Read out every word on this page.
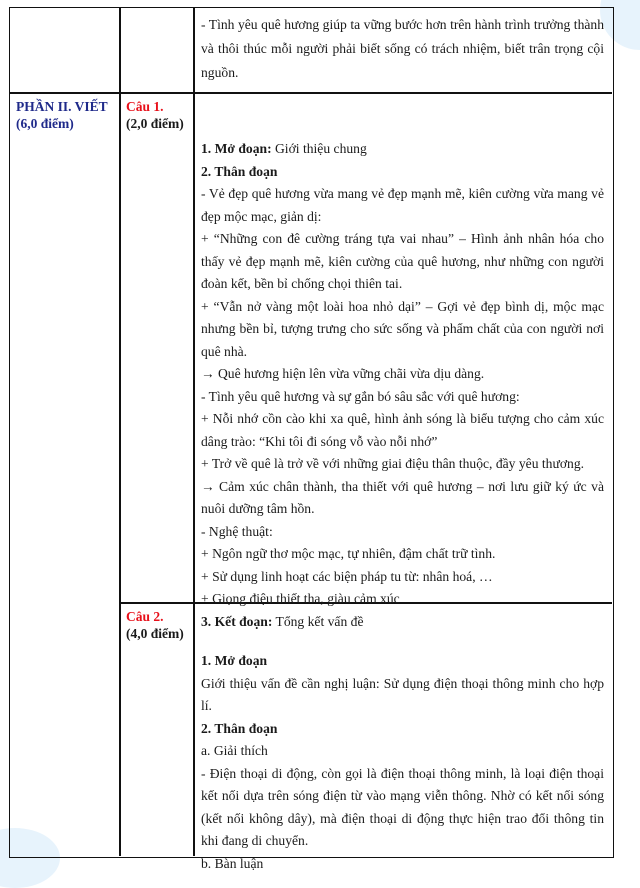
- Tình yêu quê hương giúp ta vững bước hơn trên hành trình trưởng thành và thôi thúc mỗi người phải biết sống có trách nhiệm, biết trân trọng cội nguồn.

PHẦN II. VIẾT

(6,0 điểm)

Câu 1.

(2,0 điểm)

1. Mở đoạn: Giới thiệu chung

2. Thân đoạn

- Vẻ đẹp quê hương vừa mang vẻ đẹp mạnh mẽ, kiên cường vừa mang vẻ đẹp mộc mạc, giản dị:

+ “Những con đê cường tráng tựa vai nhau” – Hình ảnh nhân hóa cho thấy vẻ đẹp mạnh mẽ, kiên cường của quê hương, như những con người đoàn kết, bền bỉ chống chọi thiên tai.

+ “Vẫn nở vàng một loài hoa nhỏ dại” – Gợi vẻ đẹp bình dị, mộc mạc nhưng bền bỉ, tượng trưng cho sức sống và phẩm chất của con người nơi quê nhà.

→ Quê hương hiện lên vừa vững chãi vừa dịu dàng.

- Tình yêu quê hương và sự gắn bó sâu sắc với quê hương:

+ Nỗi nhớ cồn cào khi xa quê, hình ảnh sóng là biểu tượng cho cảm xúc dâng trào: “Khi tôi đi sóng vỗ vào nỗi nhớ”

+ Trở về quê là trở về với những giai điệu thân thuộc, đầy yêu thương.

→ Cảm xúc chân thành, tha thiết với quê hương – nơi lưu giữ ký ức và nuôi dưỡng tâm hồn.

- Nghệ thuật:

+ Ngôn ngữ thơ mộc mạc, tự nhiên, đậm chất trữ tình.

+ Sử dụng linh hoạt các biện pháp tu từ: nhân hoá, …

+ Giọng điệu thiết tha, giàu cảm xúc

3. Kết đoạn: Tổng kết vấn đề

Câu 2.

(4,0 điểm)

1. Mở đoạn

Giới thiệu vấn đề cần nghị luận: Sử dụng điện thoại thông minh cho hợp lí.

2. Thân đoạn

a. Giải thích

- Điện thoại di động, còn gọi là điện thoại thông minh, là loại điện thoại kết nối dựa trên sóng điện từ vào mạng viễn thông. Nhờ có kết nối sóng (kết nối không dây), mà điện thoại di động thực hiện trao đổi thông tin khi đang di chuyển.

b. Bàn luận
